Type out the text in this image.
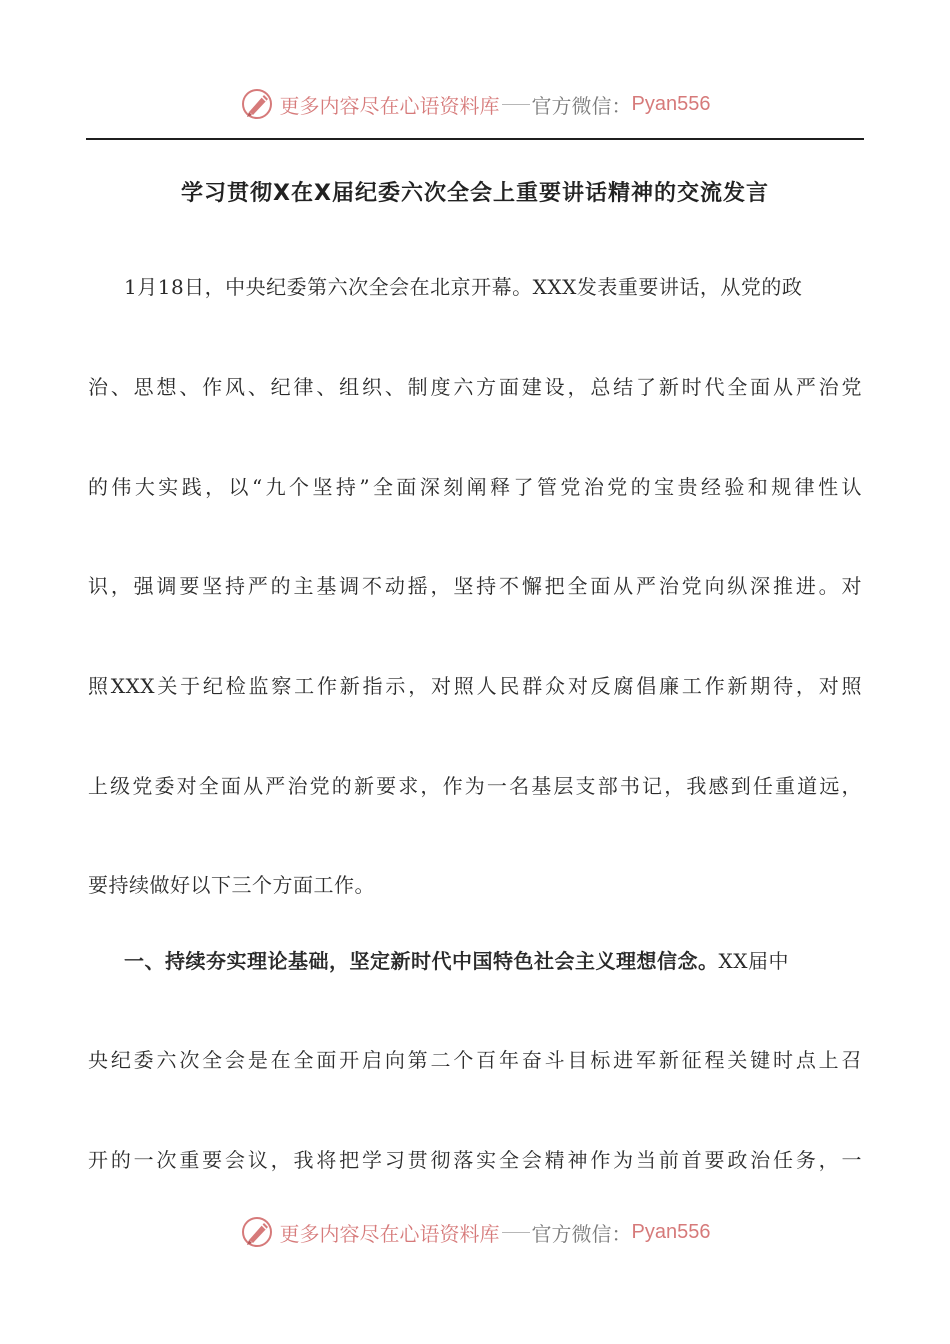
更多内容尽在心语资料库 官方微信： Pyan556
学习贯彻X在X届纪委六次全会上重要讲话精神的交流发言
1月18日，中央纪委第六次全会在北京开幕。XXX发表重要讲话，从党的政
治、思想、作风、纪律、组织、制度六方面建设，总结了新时代全面从严治党
的伟大实践，以“九个坚持”全面深刻阐释了管党治党的宝贵经验和规律性认
识，强调要坚持严的主基调不动摇，坚持不懈把全面从严治党向纵深推进。对
照XXX关于纪检监察工作新指示，对照人民群众对反腐倡廉工作新期待，对照
上级党委对全面从严治党的新要求，作为一名基层支部书记，我感到任重道远，
要持续做好以下三个方面工作。
一、持续夯实理论基础，坚定新时代中国特色社会主义理想信念。XX届中
央纪委六次全会是在全面开启向第二个百年奋斗目标进军新征程关键时点上召
开的一次重要会议，我将把学习贯彻落实全会精神作为当前首要政治任务，一
更多内容尽在心语资料库 官方微信： Pyan556
